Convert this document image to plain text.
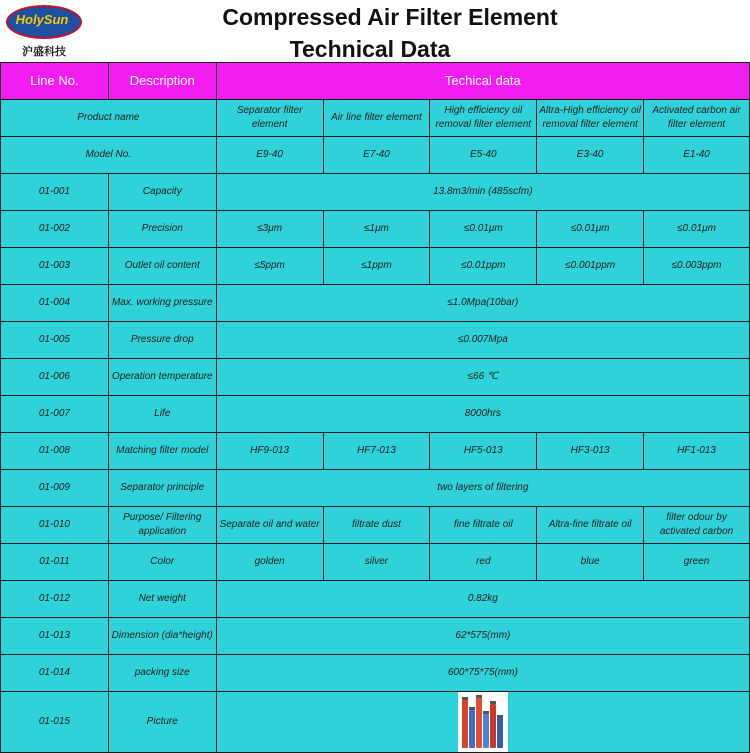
HolySun
沪盛科技
Compressed Air Filter Element
Technical Data
Line No.	Description	Techical data				
Product name		Separator filter element	Air line filter element	High efficiency oil removal filter element	Altra-High efficiency oil removal filter element	Activated carbon air filter element
Model No.		E9-40	E7-40	E5-40	E3-40	E1-40
01-001	Capacity	13.8m3/min (485scfm)				
01-002	Precision	≤3μm	≤1μm	≤0.01μm	≤0.01μm	≤0.01μm
01-003	Outlet oil content	≤5ppm	≤1ppm	≤0.01ppm	≤0.001ppm	≤0.003ppm
01-004	Max. working pressure	≤1.0Mpa(10bar)				
01-005	Pressure drop	≤0.007Mpa				
01-006	Operation temperature	≤66 ℃				
01-007	Life	8000hrs				
01-008	Matching filter model	HF9-013	HF7-013	HF5-013	HF3-013	HF1-013
01-009	Separator principle	two layers of filtering				
01-010	Purpose/ Filtering application	Separate oil and water	filtrate dust	fine filtrate oil	Altra-fine filtrate oil	filter odour by activated carbon
01-011	Color	golden	silver	red	blue	green
01-012	Net weight	0.82kg				
01-013	Dimension (dia*height)	62*575(mm)				
01-014	packing size	600*75*75(mm)				
01-015	Picture					
